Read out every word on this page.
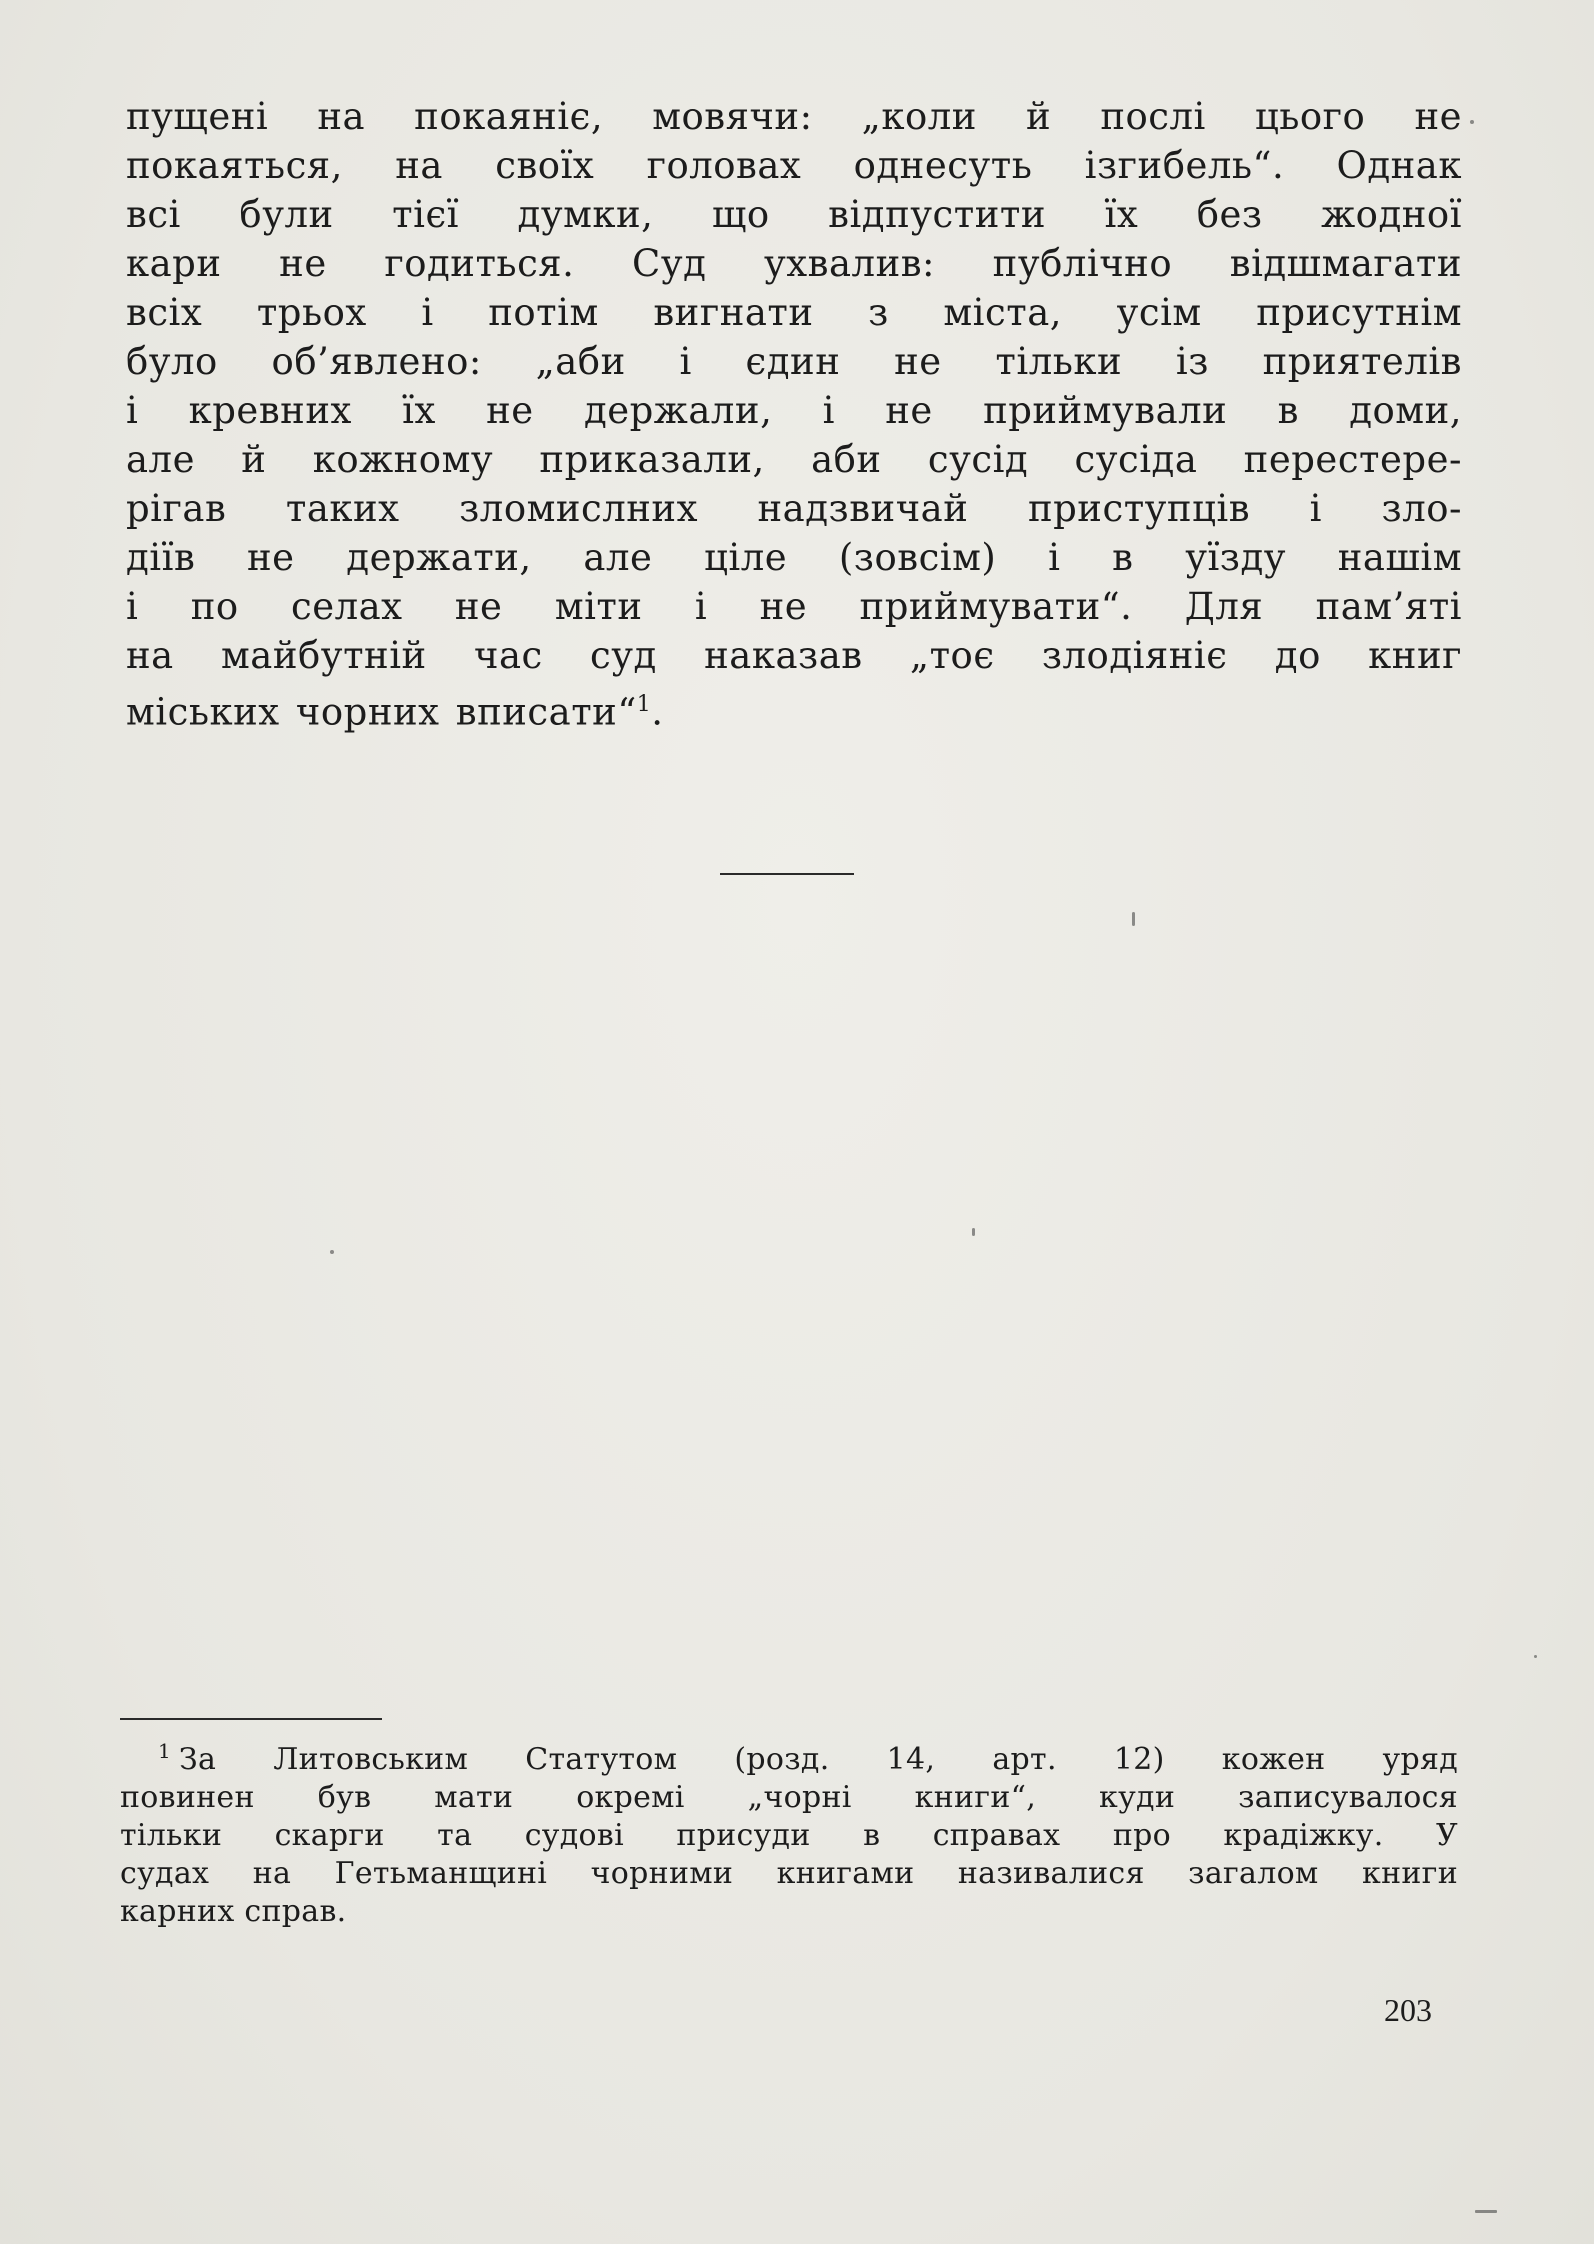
пущені на покаяніє, мовячи: „коли й послі цього не
покаяться, на своїх головах однесуть ізгибель“. Однак
всі були тієї думки, що відпустити їх без жодної
кари не годиться. Суд ухвалив: публічно відшмагати
всіх трьох і потім вигнати з міста, усім присутнім
було об’явлено: „аби і єдин не тільки із приятелів
і кревних їх не держали, і не приймували в доми,
але й кожному приказали, аби сусід сусіда перестере-
рігав таких зломислних надзвичай приступців і зло-
діїв не держати, але ціле (зовсім) і в уїзду нашім
і по селах не міти і не приймувати“. Для пам’яті
на майбутній час суд наказав „тоє злодіяніє до книг
міських чорних вписати“$^1$.
$^1$ За Литовським Статутом (розд. 14, арт. 12) кожен уряд
повинен був мати окремі „чорні книги“, куди записувалося
тільки скарги та судові присуди в справах про крадіжку. У
судах на Гетьманщині чорними книгами називалися загалом книги
карних справ.
203
